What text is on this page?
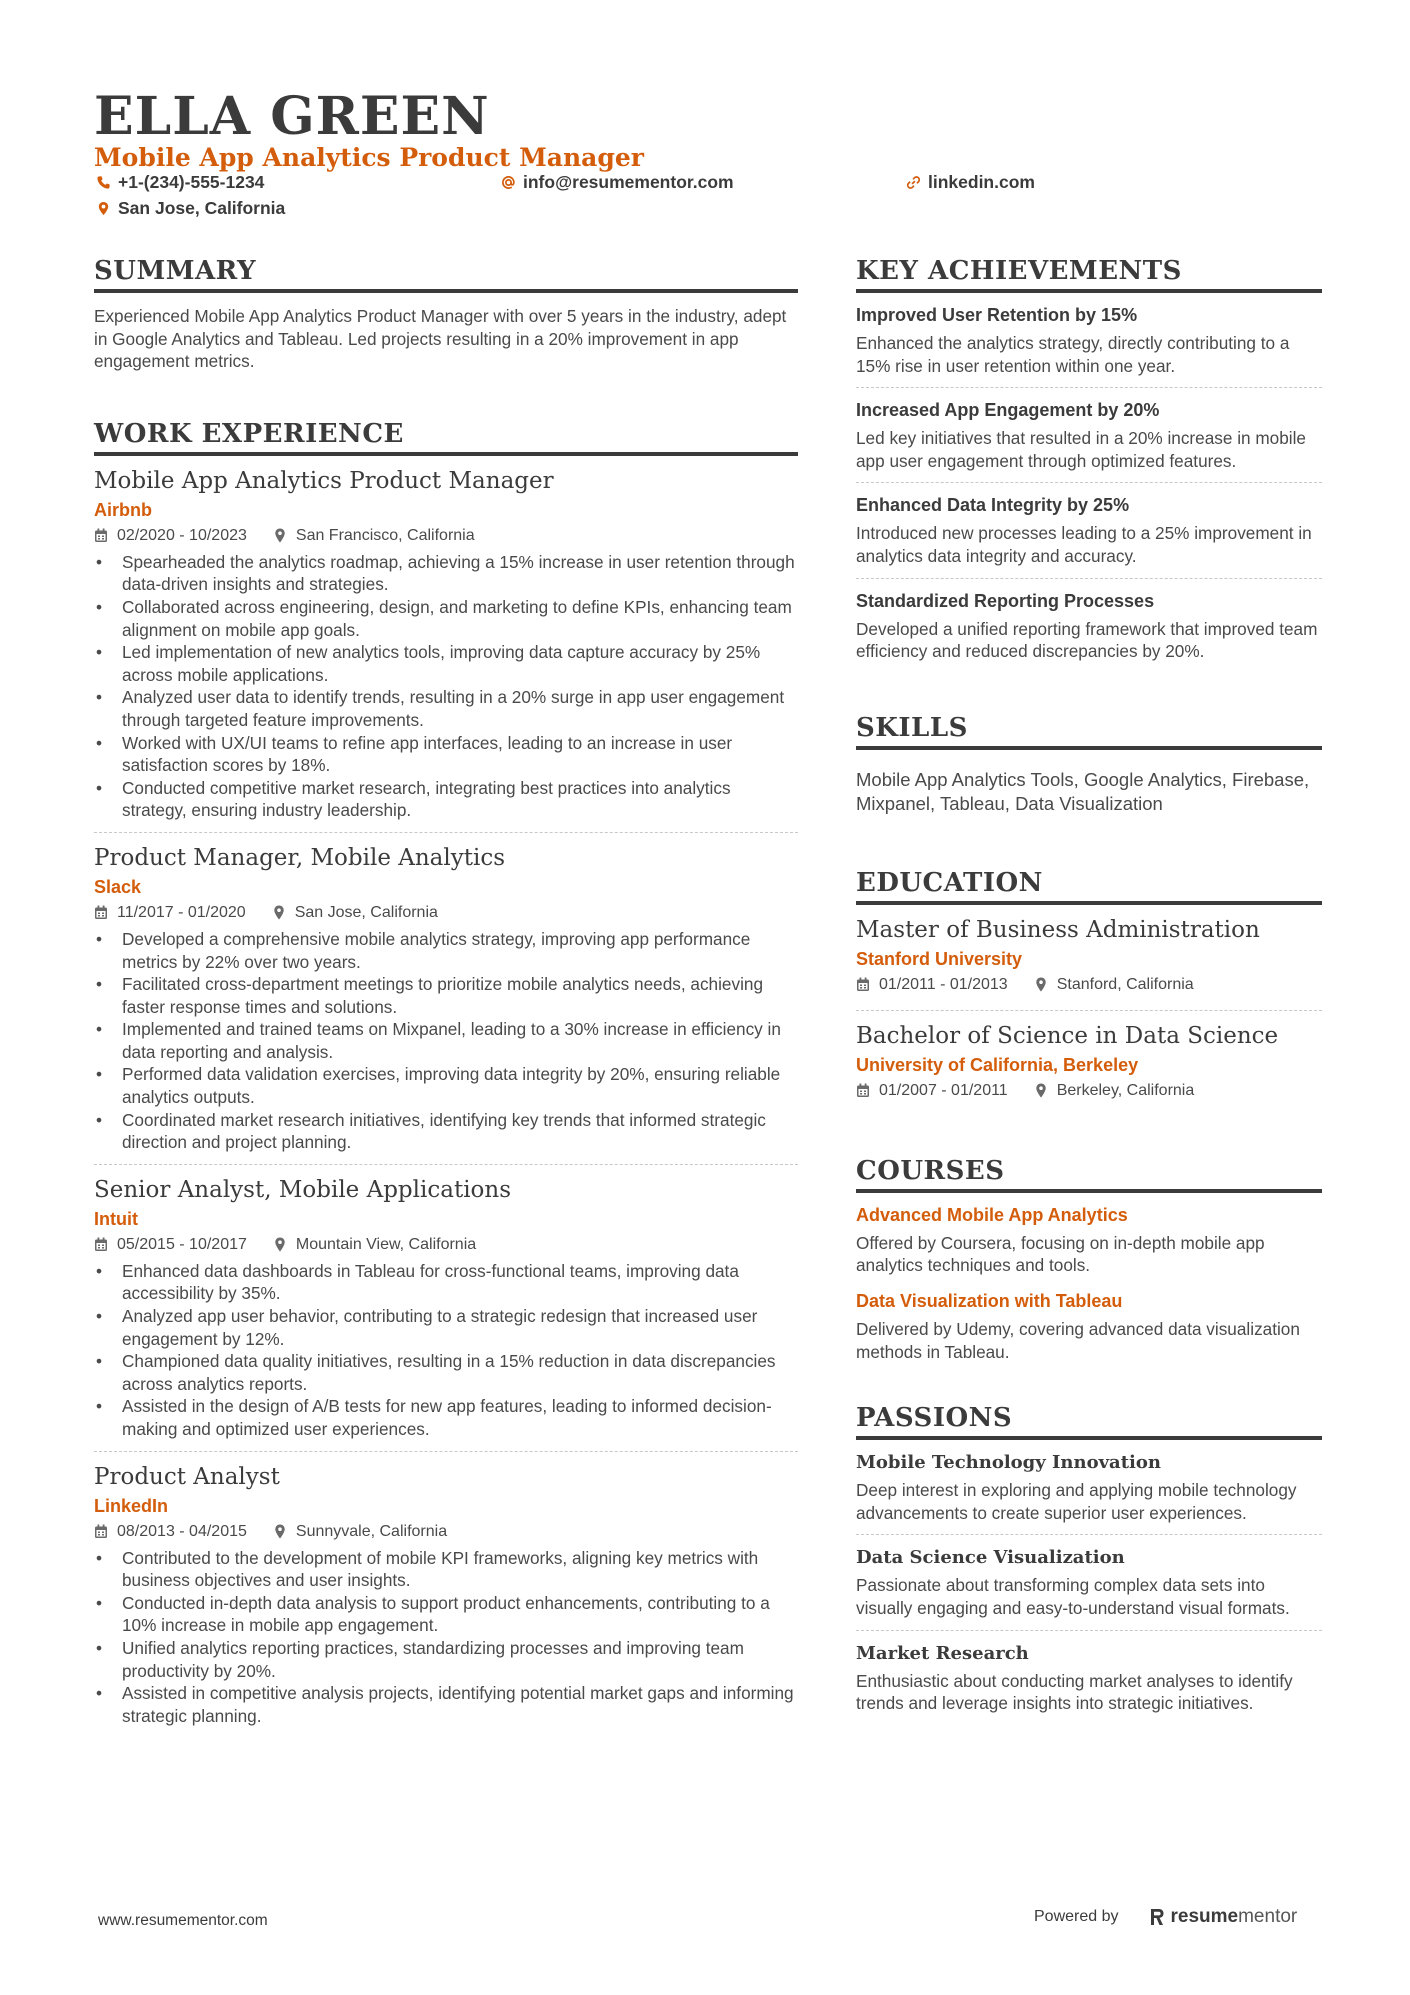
ELLA GREEN
Mobile App Analytics Product Manager
+1-(234)-555-1234	info@resumementor.com	linkedin.com
San Jose, California
SUMMARY

Experienced Mobile App Analytics Product Manager with over 5 years in the industry, adept in Google Analytics and Tableau. Led projects resulting in a 20% improvement in app engagement metrics.

WORK EXPERIENCE
Mobile App Analytics Product Manager
Airbnb
02/2020 - 10/2023	San Francisco, California
• Spearheaded the analytics roadmap, achieving a 15% increase in user retention through data-driven insights and strategies.
• Collaborated across engineering, design, and marketing to define KPIs, enhancing team alignment on mobile app goals.
• Led implementation of new analytics tools, improving data capture accuracy by 25% across mobile applications.
• Analyzed user data to identify trends, resulting in a 20% surge in app user engagement through targeted feature improvements.
• Worked with UX/UI teams to refine app interfaces, leading to an increase in user satisfaction scores by 18%.
• Conducted competitive market research, integrating best practices into analytics strategy, ensuring industry leadership.
Product Manager, Mobile Analytics
Slack
11/2017 - 01/2020	San Jose, California
• Developed a comprehensive mobile analytics strategy, improving app performance metrics by 22% over two years.
• Facilitated cross-department meetings to prioritize mobile analytics needs, achieving faster response times and solutions.
• Implemented and trained teams on Mixpanel, leading to a 30% increase in efficiency in data reporting and analysis.
• Performed data validation exercises, improving data integrity by 20%, ensuring reliable analytics outputs.
• Coordinated market research initiatives, identifying key trends that informed strategic direction and project planning.
Senior Analyst, Mobile Applications
Intuit
05/2015 - 10/2017	Mountain View, California
• Enhanced data dashboards in Tableau for cross-functional teams, improving data accessibility by 35%.
• Analyzed app user behavior, contributing to a strategic redesign that increased user engagement by 12%.
• Championed data quality initiatives, resulting in a 15% reduction in data discrepancies across analytics reports.
• Assisted in the design of A/B tests for new app features, leading to informed decision-making and optimized user experiences.
Product Analyst
LinkedIn
08/2013 - 04/2015	Sunnyvale, California
• Contributed to the development of mobile KPI frameworks, aligning key metrics with business objectives and user insights.
• Conducted in-depth data analysis to support product enhancements, contributing to a 10% increase in mobile app engagement.
• Unified analytics reporting practices, standardizing processes and improving team productivity by 20%.
• Assisted in competitive analysis projects, identifying potential market gaps and informing strategic planning.
KEY ACHIEVEMENTS
Improved User Retention by 15%

Enhanced the analytics strategy, directly contributing to a 15% rise in user retention within one year.

Increased App Engagement by 20%

Led key initiatives that resulted in a 20% increase in mobile app user engagement through optimized features.

Enhanced Data Integrity by 25%

Introduced new processes leading to a 25% improvement in analytics data integrity and accuracy.

Standardized Reporting Processes

Developed a unified reporting framework that improved team efficiency and reduced discrepancies by 20%.

SKILLS

Mobile App Analytics Tools, Google Analytics, Firebase, Mixpanel, Tableau, Data Visualization

EDUCATION
Master of Business Administration
Stanford University
01/2011 - 01/2013	Stanford, California
Bachelor of Science in Data Science
University of California, Berkeley
01/2007 - 01/2011	Berkeley, California
COURSES
Advanced Mobile App Analytics

Offered by Coursera, focusing on in-depth mobile app analytics techniques and tools.

Data Visualization with Tableau

Delivered by Udemy, covering advanced data visualization methods in Tableau.

PASSIONS
Mobile Technology Innovation

Deep interest in exploring and applying mobile technology advancements to create superior user experiences.

Data Science Visualization

Passionate about transforming complex data sets into visually engaging and easy-to-understand visual formats.

Market Research

Enthusiastic about conducting market analyses to identify trends and leverage insights into strategic initiatives.

www.resumementor.com	Powered by	resume mentor
